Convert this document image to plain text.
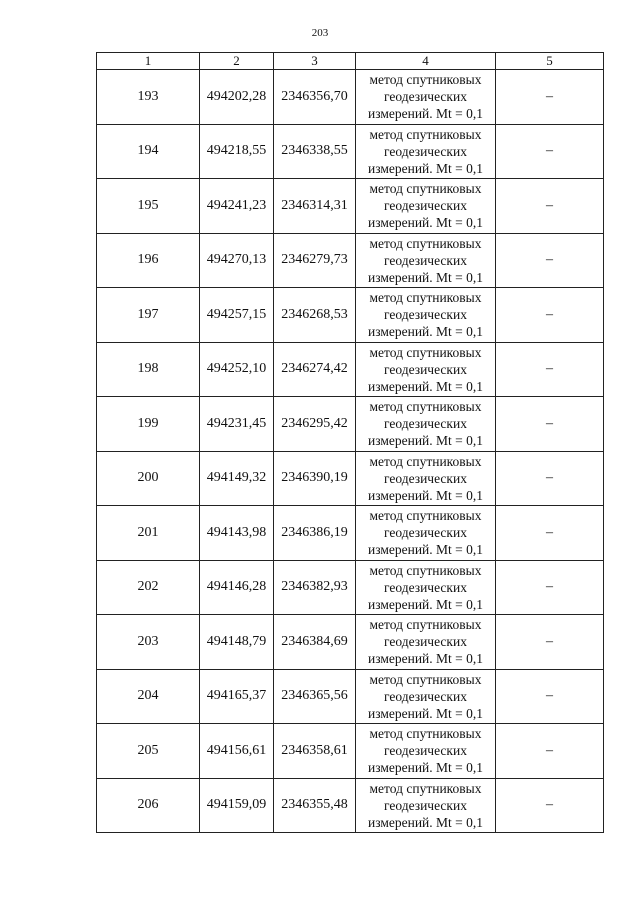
203
1	2	3	4	5
193	494202,28	2346356,70	метод спутниковых
геодезических
измерений. Mt = 0,1	–
194	494218,55	2346338,55	метод спутниковых
геодезических
измерений. Mt = 0,1	–
195	494241,23	2346314,31	метод спутниковых
геодезических
измерений. Mt = 0,1	–
196	494270,13	2346279,73	метод спутниковых
геодезических
измерений. Mt = 0,1	–
197	494257,15	2346268,53	метод спутниковых
геодезических
измерений. Mt = 0,1	–
198	494252,10	2346274,42	метод спутниковых
геодезических
измерений. Mt = 0,1	–
199	494231,45	2346295,42	метод спутниковых
геодезических
измерений. Mt = 0,1	–
200	494149,32	2346390,19	метод спутниковых
геодезических
измерений. Mt = 0,1	–
201	494143,98	2346386,19	метод спутниковых
геодезических
измерений. Mt = 0,1	–
202	494146,28	2346382,93	метод спутниковых
геодезических
измерений. Mt = 0,1	–
203	494148,79	2346384,69	метод спутниковых
геодезических
измерений. Mt = 0,1	–
204	494165,37	2346365,56	метод спутниковых
геодезических
измерений. Mt = 0,1	–
205	494156,61	2346358,61	метод спутниковых
геодезических
измерений. Mt = 0,1	–
206	494159,09	2346355,48	метод спутниковых
геодезических
измерений. Mt = 0,1	–
